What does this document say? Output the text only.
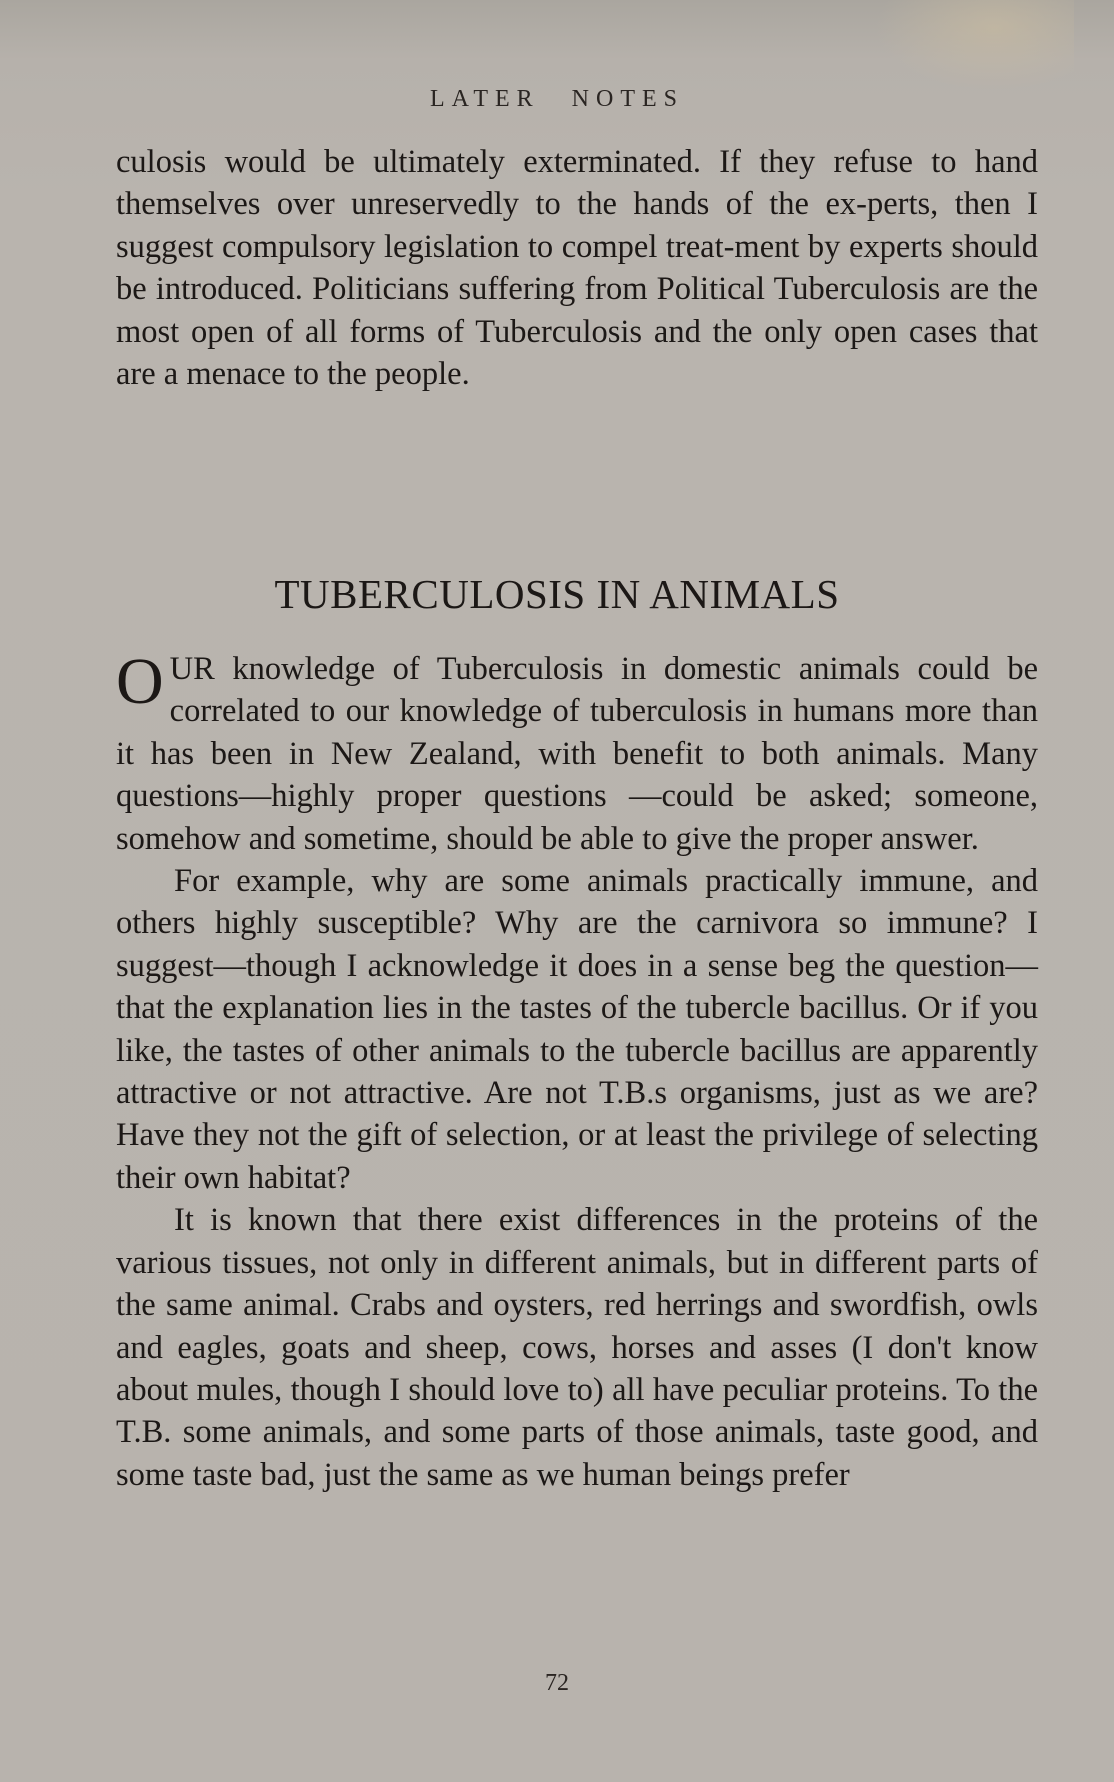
LATER NOTES

culosis would be ultimately exterminated. If they refuse to hand themselves over unreservedly to the hands of the ex-perts, then I suggest compulsory legislation to compel treat-ment by experts should be introduced. Politicians suffering from Political Tuberculosis are the most open of all forms of Tuberculosis and the only open cases that are a menace to the people.

TUBERCULOSIS IN ANIMALS

OUR knowledge of Tuberculosis in domestic animals could be correlated to our knowledge of tuberculosis in humans more than it has been in New Zealand, with benefit to both animals. Many questions—highly proper questions —could be asked; someone, somehow and sometime, should be able to give the proper answer.

For example, why are some animals practically immune, and others highly susceptible? Why are the carnivora so immune? I suggest—though I acknowledge it does in a sense beg the question—that the explanation lies in the tastes of the tubercle bacillus. Or if you like, the tastes of other animals to the tubercle bacillus are apparently attractive or not attractive. Are not T.B.s organisms, just as we are? Have they not the gift of selection, or at least the privilege of selecting their own habitat?

It is known that there exist differences in the proteins of the various tissues, not only in different animals, but in different parts of the same animal. Crabs and oysters, red herrings and swordfish, owls and eagles, goats and sheep, cows, horses and asses (I don't know about mules, though I should love to) all have peculiar proteins. To the T.B. some animals, and some parts of those animals, taste good, and some taste bad, just the same as we human beings prefer

72
